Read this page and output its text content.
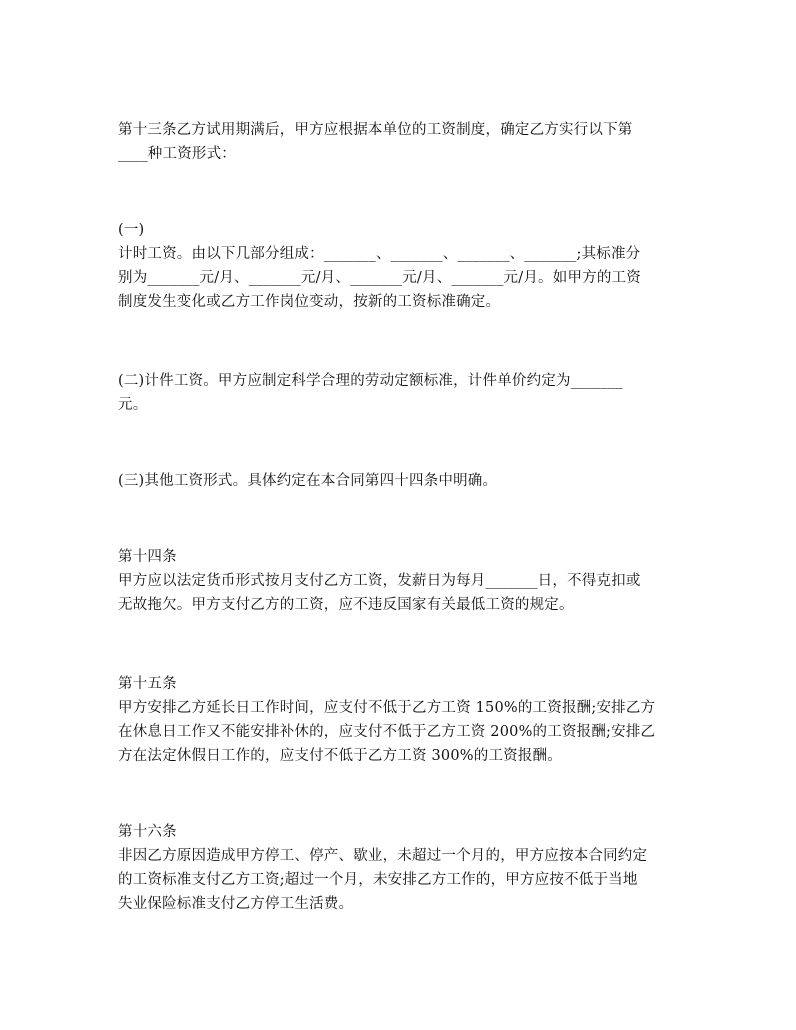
第十三条乙方试用期满后，甲方应根据本单位的工资制度，确定乙方实行以下第
____种工资形式：
(一)
计时工资。由以下几部分组成：_______、_______、_______、_______;其标准分
别为_______元/月、_______元/月、_______元/月、_______元/月。如甲方的工资
制度发生变化或乙方工作岗位变动，按新的工资标准确定。
(二)计件工资。甲方应制定科学合理的劳动定额标准，计件单价约定为_______
元。
(三)其他工资形式。具体约定在本合同第四十四条中明确。
第十四条
甲方应以法定货币形式按月支付乙方工资，发薪日为每月_______日，不得克扣或
无故拖欠。甲方支付乙方的工资，应不违反国家有关最低工资的规定。
第十五条
甲方安排乙方延长日工作时间，应支付不低于乙方工资 150%的工资报酬;安排乙方
在休息日工作又不能安排补休的，应支付不低于乙方工资 200%的工资报酬;安排乙
方在法定休假日工作的，应支付不低于乙方工资 300%的工资报酬。
第十六条
非因乙方原因造成甲方停工、停产、歇业，未超过一个月的，甲方应按本合同约定
的工资标准支付乙方工资;超过一个月，未安排乙方工作的，甲方应按不低于当地
失业保险标准支付乙方停工生活费。
